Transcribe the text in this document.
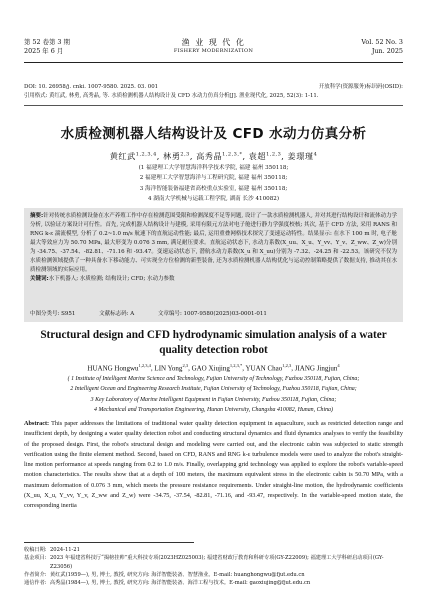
第 52 卷第 3 期
2025 年 6 月
渔 业 现 代 化
FISHERY MODERNIZATION
Vol. 52 No. 3
Jun. 2025
DOI: 10. 26958/j. cnki. 1007-9580. 2025. 03. 001	开放科学(资源服务)标识码(OSID):
引用格式: 黄红武, 林勇, 高秀晶, 等. 水质检测机器人结构设计及 CFD 水动力仿真分析[J]. 渔业现代化, 2025, 52(3): 1-11.
水质检测机器人结构设计及 CFD 水动力仿真分析
黄红武$^{1,2,3,4}$, 林勇$^{2,3}$, 高秀晶$^{1,2,3,*}$, 袁超$^{1,2,3}$, 姜璟瑾$^4$
(1 福建理工大学智慧海洋科学技术学院, 福建 福州 350118;
2 福建理工大学智慧海洋与工程研究院, 福建 福州 350118;
3 海洋智能装备福建省高校重点实验室, 福建 福州 350118;
4 湖南大学机械与运载工程学院, 湖南 长沙 410082)

摘要:针对传统水质检测设备在水产养殖工作中存在检测范围受限和检测深度不足等问题, 设计了一款水质检测机器人, 并对其进行结构设计和流体动力学分析, 以验证方案设计可行性。首先, 完成机器人结构设计与建模, 采用有限元方法对电子舱进行静力学强度校核; 其次, 基于 CFD 方法, 采用 RANS 和 RNG k-ε 湍流模型, 分析了 0.2~1.0 m/s 航速下的直航运动性能; 最后, 运用重叠网格技术探究了变速运动特性。结果显示: 在水下 100 m 时, 电子舱最大等效应力为 50.70 MPa, 最大形变为 0.076 3 mm, 满足耐压要求。直航运动状态下, 水动力系数(X_uu、X_u、Y_vv、Y_v、Z_ww、Z_w)分别为 -34.75、-37.54、-82.81、-71.16 和 -93.47。变速运动状态下, 潜航水动力系数(X_u 和 X_uu)分别为 -7.32、-24.25 和 -22.53。该研究不仅为水质检测领域提供了一种具备水下移动能力、可实现全方位检测的新型装备, 还为水质检测机器人结构优化与运动控制策略提供了数据支持, 推动其在水质检测领域的实际应用。

关键词:水下机器人; 水质检测; 结构设计; CFD; 水动力参数

中图分类号: S951	文献标志码: A	文章编号: 1007-9580(2025)03-0001-011
Structural design and CFD hydrodynamic simulation analysis of a water quality detection robot
HUANG Hongwu$^{1,2,3,4}$, LIN Yong$^{2,3}$, GAO Xiujing$^{1,2,3,*}$, YUAN Chao$^{1,2,3}$, JIANG Jingjun$^4$
( 1 Institute of Intelligent Marine Science and Technology, Fujian University of Technology, Fuzhou 350118, Fujian, China;
2 Intelligent Ocean and Engineering Research Institute, Fujian University of Technology, Fuzhou 350118, Fujian, China;
3 Key Laboratory of Marine Intelligent Equipment in Fujian University, Fuzhou 350118, Fujian, China;
4 Mechanical and Transportation Engineering, Hunan University, Changsha 410082, Hunan, China)

Abstract: This paper addresses the limitations of traditional water quality detection equipment in aquaculture, such as restricted detection range and insufficient depth, by designing a water quality detection robot and conducting structural dynamics and fluid dynamics analyses to verify the feasibility of the proposed design. First, the robot's structural design and modeling were carried out, and the electronic cabin was subjected to static strength verification using the finite element method. Second, based on CFD, RANS and RNG k-ε turbulence models were used to analyze the robot's straight-line motion performance at speeds ranging from 0.2 to 1.0 m/s. Finally, overlapping grid technology was applied to explore the robot's variable-speed motion characteristics. The results show that at a depth of 100 meters, the maximum equivalent stress in the electronic cabin is 50.70 MPa, with a maximum deformation of 0.076 3 mm, which meets the pressure resistance requirements. Under straight-line motion, the hydrodynamic coefficients (X_uu, X_u, Y_vv, Y_v, Z_ww and Z_w) were -34.75, -37.54, -82.81, -71.16, and -93.47, respectively. In the variable-speed motion state, the corresponding inertia

收稿日期: 2024-11-21
基金项目: 2023 年福建省科技厅“揭榜挂帅”重大科技专项(2023HZ025003); 福建省财政厅教育和科研专项(GY-Z22009); 福建理工大学科研启动项目(GY-Z23056)
作者简介: 黄红武(1959—), 男, 博士, 教授, 研究方向: 海洋智能装备、智慧渔业。E-mail: huanghongwu@fjut.edu.cn
通信作者: 高秀晶(1984—), 男, 博士, 教授, 研究方向: 海洋智能装备、海洋工程与技术。E-mail: gaoxiujing@fjut.edu.cn
